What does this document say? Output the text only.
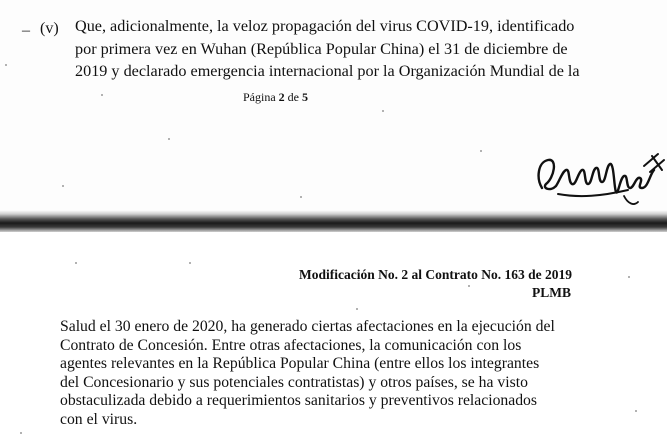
– (v) Que, adicionalmente, la veloz propagación del virus COVID-19, identificado
por primera vez en Wuhan (República Popular China) el 31 de diciembre de
2019 y declarado emergencia internacional por la Organización Mundial de la
Página 2 de 5
Modificación No. 2 al Contrato No. 163 de 2019
PLMB
Salud el 30 enero de 2020, ha generado ciertas afectaciones en la ejecución del
Contrato de Concesión. Entre otras afectaciones, la comunicación con los
agentes relevantes en la República Popular China (entre ellos los integrantes
del Concesionario y sus potenciales contratistas) y otros países, se ha visto
obstaculizada debido a requerimientos sanitarios y preventivos relacionados
con el virus.
